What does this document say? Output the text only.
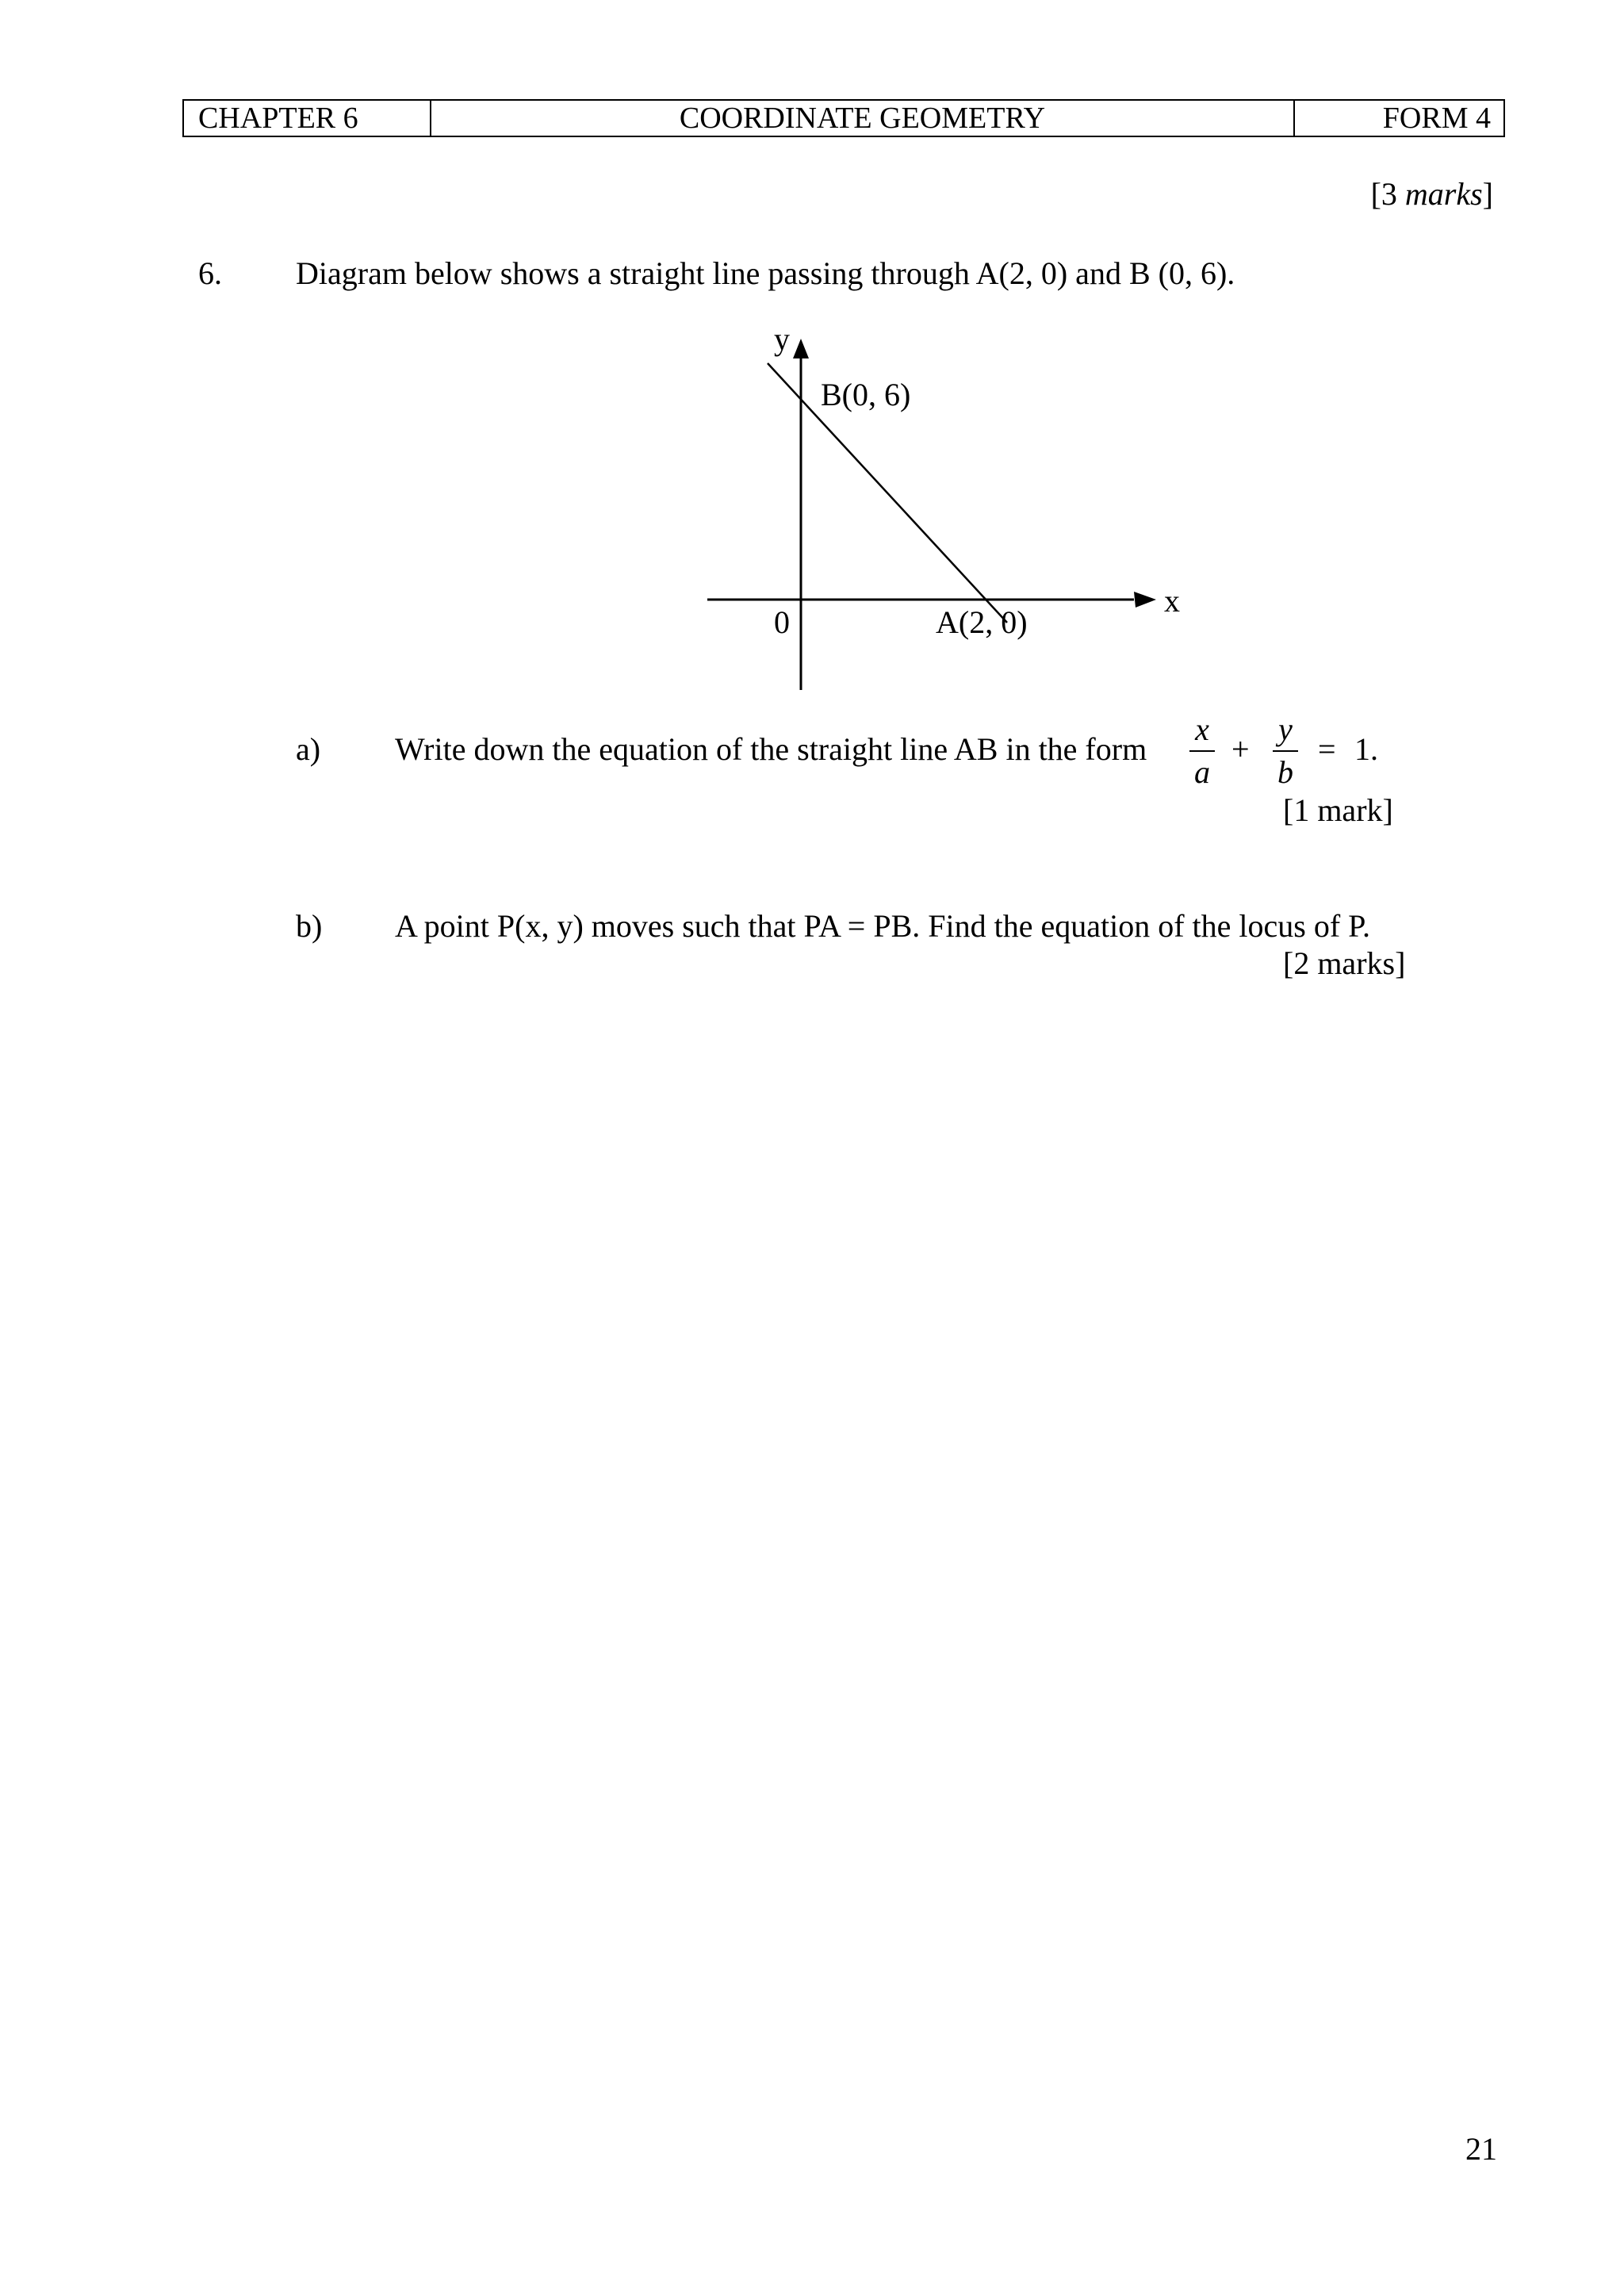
CHAPTER 6	COORDINATE GEOMETRY	FORM 4
[3 marks]
6. Diagram below shows a straight line passing through A(2, 0) and B (0, 6).
y
x
0
B(0, 6)
A(2, 0)
a) Write down the equation of the straight line AB in the form
x
a
+
y
b
= 1.
[1 mark]
b) A point P(x, y) moves such that PA = PB. Find the equation of the locus of P.
[2 marks]
21
